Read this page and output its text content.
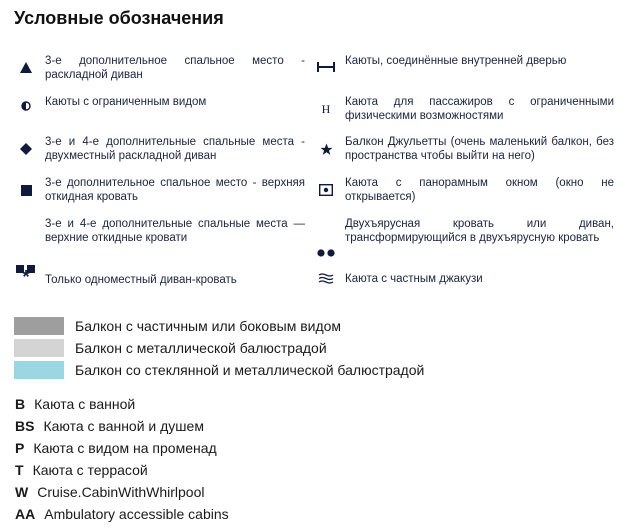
Условные обозначения
3-е дополнительное спальное место - раскладной диван
Каюты с ограниченным видом
3-е и 4-е дополнительные спальные места - двухместный раскладной диван
3-е дополнительное спальное место - верхняя откидная кровать
3-е и 4-е дополнительные спальные места — верхние откидные кровати
*	Только одноместный диван-кровать
Каюты, соединённые внутренней дверью
H	Каюта для пассажиров с ограниченными физическими возможностями
Балкон Джульетты (очень маленький балкон, без пространства чтобы выйти на него)
Каюта с панорамным окном (окно не открывается)
Двухъярусная кровать или диван, трансформирующийся в двухъярусную кровать
Каюта с частным джакузи
Балкон с частичным или боковым видом
Балкон с металлической балюстрадой
Балкон со стеклянной и металлической балюстрадой
B Каюта с ванной
BS Каюта с ванной и душем
P Каюта с видом на променад
T Каюта с террасой
W Cruise.CabinWithWhirlpool
AA Ambulatory accessible cabins
